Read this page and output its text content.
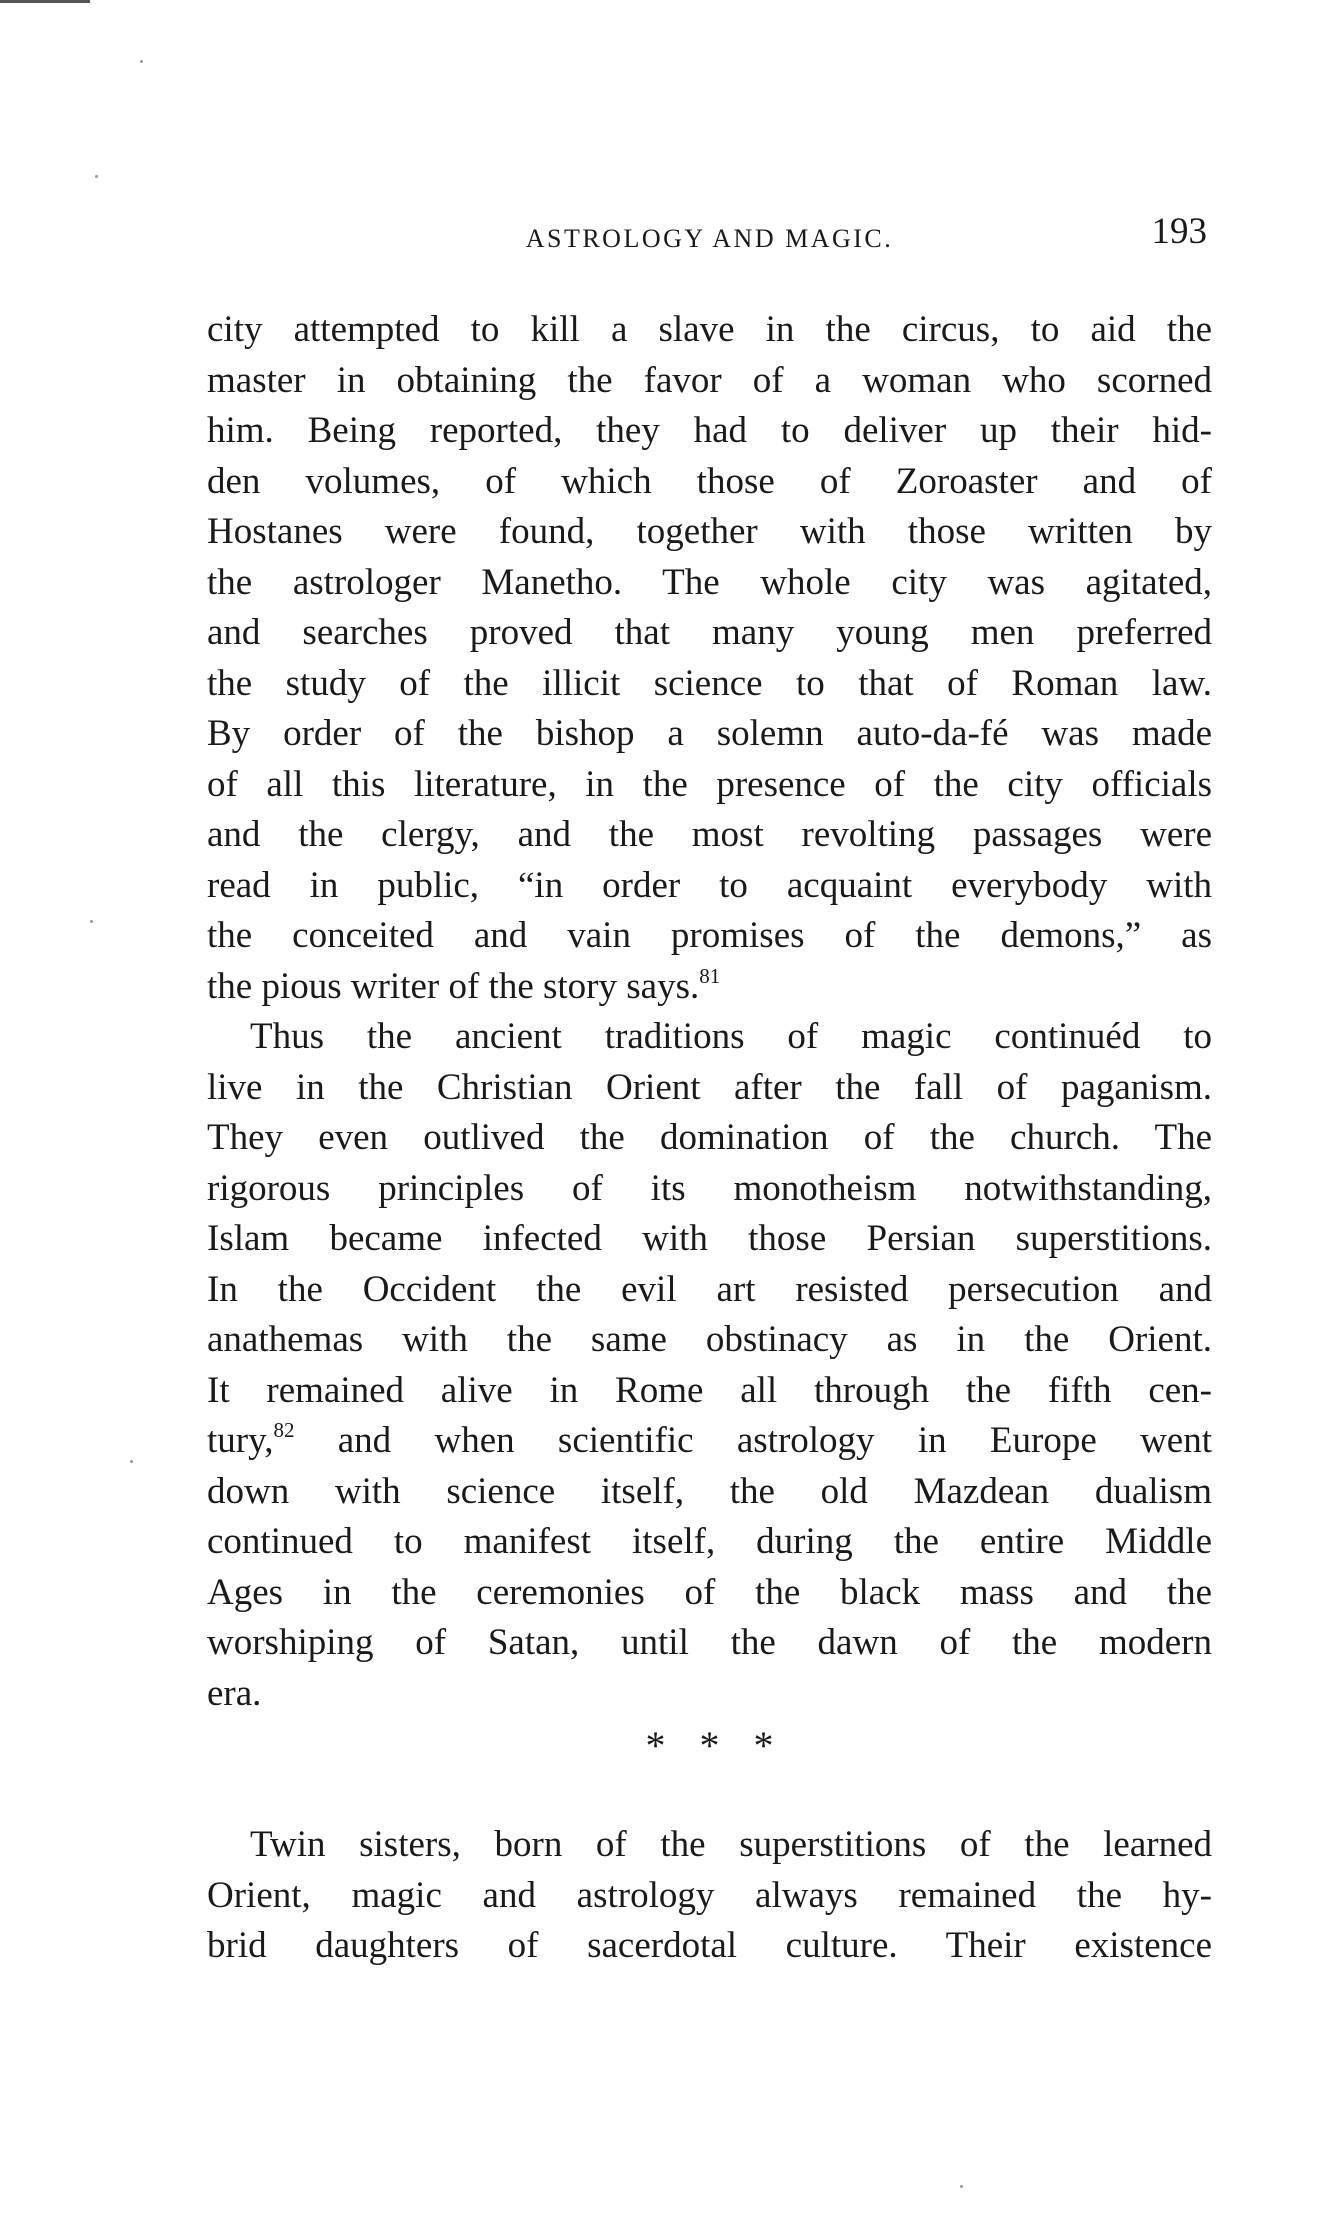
ASTROLOGY AND MAGIC.	193
city attempted to kill a slave in the circus, to aid the
master in obtaining the favor of a woman who scorned
him. Being reported, they had to deliver up their hid-
den volumes, of which those of Zoroaster and of
Hostanes were found, together with those written by
the astrologer Manetho. The whole city was agitated,
and searches proved that many young men preferred
the study of the illicit science to that of Roman law.
By order of the bishop a solemn auto-da-fé was made
of all this literature, in the presence of the city officials
and the clergy, and the most revolting passages were
read in public, “in order to acquaint everybody with
the conceited and vain promises of the demons,” as
the pious writer of the story says.$^{81}$
Thus the ancient traditions of magic continuéd to
live in the Christian Orient after the fall of paganism.
They even outlived the domination of the church. The
rigorous principles of its monotheism notwithstanding,
Islam became infected with those Persian superstitions.
In the Occident the evil art resisted persecution and
anathemas with the same obstinacy as in the Orient.
It remained alive in Rome all through the fifth cen-
tury,$^{82}$ and when scientific astrology in Europe went
down with science itself, the old Mazdean dualism
continued to manifest itself, during the entire Middle
Ages in the ceremonies of the black mass and the
worshiping of Satan, until the dawn of the modern
era.
* * *
Twin sisters, born of the superstitions of the learned
Orient, magic and astrology always remained the hy-
brid daughters of sacerdotal culture. Their existence
